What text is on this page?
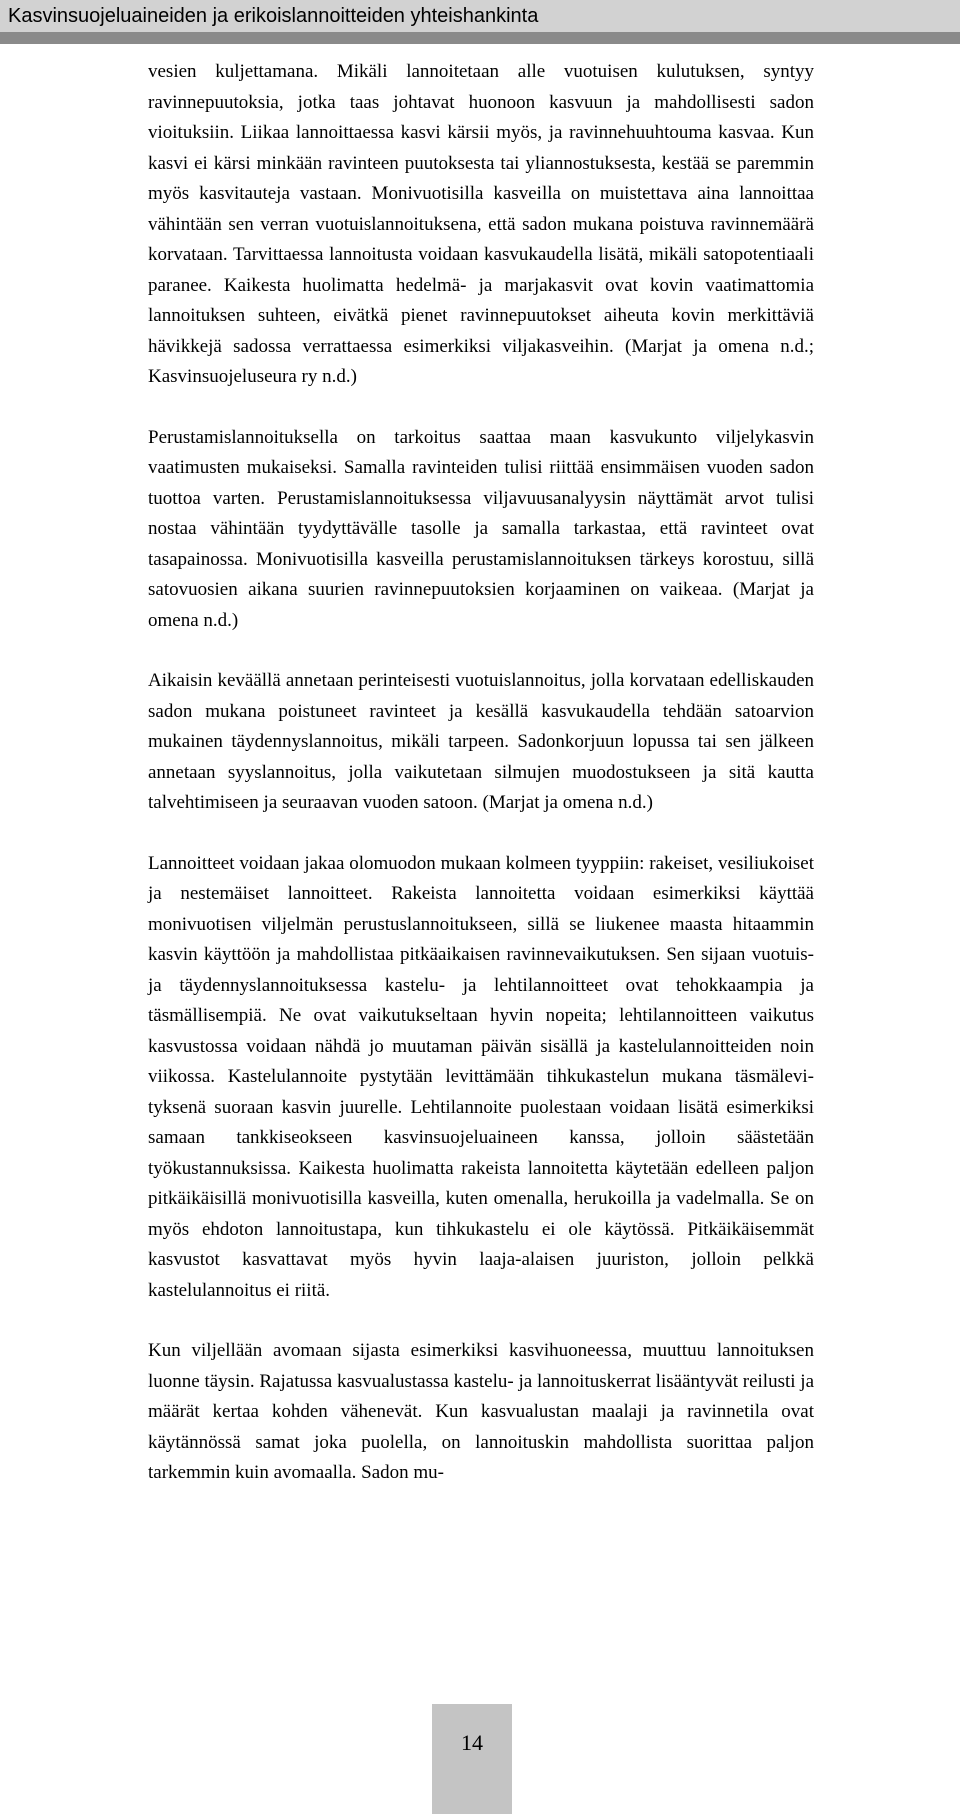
Kasvinsuojeluaineiden ja erikoislannoitteiden yhteishankinta

vesien kuljettamana. Mikäli lannoitetaan alle vuotuisen kulutuksen, syntyy ravinnepuutoksia, jotka taas johtavat huonoon kasvuun ja mahdollisesti sadon vioituksiin. Liikaa lannoittaessa kasvi kärsii myös, ja ravinnehuuhtouma kasvaa. Kun kasvi ei kärsi minkään ravinteen puutoksesta tai yliannostuksesta, kestää se paremmin myös kasvitauteja vastaan. Monivuotisilla kasveilla on muistettava aina lannoittaa vähintään sen verran vuotuislannoituksena, että sadon mukana poistuva ravinnemäärä korvataan. Tarvittaessa lannoitusta voidaan kasvukaudella lisätä, mikäli satopotentiaali paranee. Kaikesta huolimatta hedelmä- ja marjakasvit ovat kovin vaatimattomia lannoituksen suhteen, eivätkä pienet ravinnepuutokset aiheuta kovin merkittäviä hävikkejä sadossa verrattaessa esimerkiksi viljakasveihin. (Marjat ja omena n.d.; Kasvinsuojeluseura ry n.d.)

Perustamislannoituksella on tarkoitus saattaa maan kasvukunto viljelykasvin vaatimusten mukaiseksi. Samalla ravinteiden tulisi riittää ensimmäisen vuoden sadon tuottoa varten. Perustamislannoituksessa viljavuusanalyysin näyttämät arvot tulisi nostaa vähintään tyydyttävälle tasolle ja samalla tarkastaa, että ravinteet ovat tasapainossa. Monivuotisilla kasveilla perustamislannoituksen tärkeys korostuu, sillä satovuosien aikana suurien ravinnepuutoksien korjaaminen on vaikeaa. (Marjat ja omena n.d.)

Aikaisin keväällä annetaan perinteisesti vuotuislannoitus, jolla korvataan edelliskauden sadon mukana poistuneet ravinteet ja kesällä kasvukaudella tehdään satoarvion mukainen täydennyslannoitus, mikäli tarpeen. Sadonkorjuun lopussa tai sen jälkeen annetaan syyslannoitus, jolla vaikutetaan silmujen muodostukseen ja sitä kautta talvehtimiseen ja seuraavan vuoden satoon. (Marjat ja omena n.d.)

Lannoitteet voidaan jakaa olomuodon mukaan kolmeen tyyppiin: rakeiset, vesiliukoiset ja nestemäiset lannoitteet. Rakeista lannoitetta voidaan esimerkiksi käyttää monivuotisen viljelmän perustuslannoitukseen, sillä se liukenee maasta hitaammin kasvin käyttöön ja mahdollistaa pitkäaikaisen ravinnevaikutuksen. Sen sijaan vuotuis- ja täydennyslannoituksessa kastelu- ja lehtilannoitteet ovat tehokkaampia ja täsmällisempiä. Ne ovat vaikutukseltaan hyvin nopeita; lehtilannoitteen vaikutus kasvustossa voidaan nähdä jo muutaman päivän sisällä ja kastelulannoitteiden noin viikossa. Kastelulannoite pystytään levittämään tihkukastelun mukana täsmälevityksenä suoraan kasvin juurelle. Lehtilannoite puolestaan voidaan lisätä esimerkiksi samaan tankkiseokseen kasvinsuojeluaineen kanssa, jolloin säästetään työkustannuksissa. Kaikesta huolimatta rakeista lannoitetta käytetään edelleen paljon pitkäikäisillä monivuotisilla kasveilla, kuten omenalla, herukoilla ja vadelmalla. Se on myös ehdoton lannoitustapa, kun tihkukastelu ei ole käytössä. Pitkäikäisemmät kasvustot kasvattavat myös hyvin laaja-alaisen juuriston, jolloin pelkkä kastelulannoitus ei riitä.

Kun viljellään avomaan sijasta esimerkiksi kasvihuoneessa, muuttuu lannoituksen luonne täysin. Rajatussa kasvualustassa kastelu- ja lannoituskerrat lisääntyvät reilusti ja määrät kertaa kohden vähenevät. Kun kasvualustan maalaji ja ravinnetila ovat käytännössä samat joka puolella, on lannoituskin mahdollista suorittaa paljon tarkemmin kuin avomaalla. Sadon mu-

14
